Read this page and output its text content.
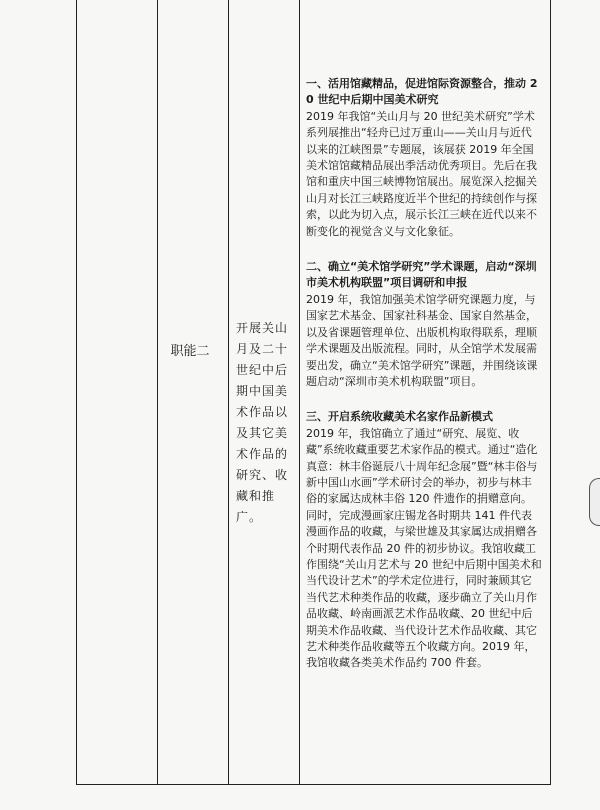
职能二
开展关山月及二十世纪中后期中国美术作品以及其它美术作品的研究、收藏和推广。
一、活用馆藏精品，促进馆际资源整合，推动 20 世纪中后期中国美术研究
2019 年我馆“关山月与 20 世纪美术研究”学术系列展推出“轻舟已过万重山——关山月与近代以来的江峡图景”专题展，该展获 2019 年全国美术馆馆藏精品展出季活动优秀项目。先后在我馆和重庆中国三峡博物馆展出。展览深入挖掘关山月对长江三峡路度近半个世纪的持续创作与探索，以此为切入点，展示长江三峡在近代以来不断变化的视觉含义与文化象征。
二、确立“美术馆学研究”学术课题，启动“深圳市美术机构联盟”项目调研和申报
2019 年，我馆加强美术馆学研究课题力度，与国家艺术基金、国家社科基金、国家自然基金，以及省课题管理单位、出版机构取得联系，理顺学术课题及出版流程。同时，从全馆学术发展需要出发，确立“美术馆学研究”课题，并围绕该课题启动“深圳市美术机构联盟”项目。
三、开启系统收藏美术名家作品新模式
2019 年，我馆确立了通过“研究、展览、收藏”系统收藏重要艺术家作品的模式。通过“造化真意：林丰俗诞辰八十周年纪念展”暨“林丰俗与新中国山水画”学术研讨会的举办，初步与林丰俗的家属达成林丰俗 120 件遗作的捐赠意向。同时，完成漫画家庄锡龙各时期共 141 件代表漫画作品的收藏，与梁世雄及其家属达成捐赠各个时期代表作品 20 件的初步协议。我馆收藏工作围绕“关山月艺术与 20 世纪中后期中国美术和当代设计艺术”的学术定位进行，同时兼顾其它当代艺术种类作品的收藏，逐步确立了关山月作品收藏、岭南画派艺术作品收藏、20 世纪中后期美术作品收藏、当代设计艺术作品收藏、其它艺术种类作品收藏等五个收藏方向。2019 年，我馆收藏各类美术作品约 700 件套。
